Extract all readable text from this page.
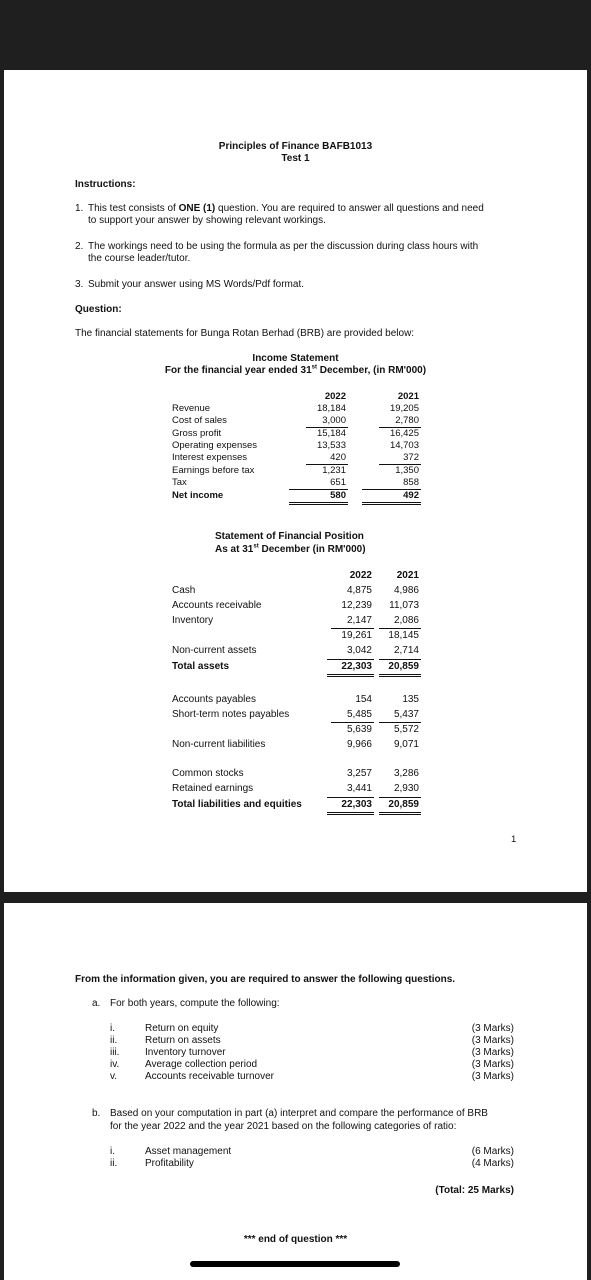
Principles of Finance BAFB1013
Test 1
Instructions:
1. This test consists of ONE (1) question. You are required to answer all questions and need
to support your answer by showing relevant workings.
2. The workings need to be using the formula as per the discussion during class hours with
the course leader/tutor.
3. Submit your answer using MS Words/Pdf format.
Question:
The financial statements for Bunga Rotan Berhad (BRB) are provided below:
Income Statement
For the financial year ended 31st December, (in RM'000)
2022	2021
Revenue	18,184	19,205
Cost of sales	3,000	2,780
Gross profit	15,184	16,425
Operating expenses	13,533	14,703
Interest expenses	420	372
Earnings before tax	1,231	1,350
Tax	651	858
Net income	580	492
Statement of Financial Position
As at 31st December (in RM'000)
2022	2021
Cash	4,875	4,986
Accounts receivable	12,239	11,073
Inventory	2,147	2,086
19,261	18,145
Non-current assets	3,042	2,714
Total assets	22,303	20,859
Accounts payables	154	135
Short-term notes payables	5,485	5,437
5,639	5,572
Non-current liabilities	9,966	9,071
Common stocks	3,257	3,286
Retained earnings	3,441	2,930
Total liabilities and equities	22,303	20,859
1
From the information given, you are required to answer the following questions.
a. For both years, compute the following:
i.	Return on equity	(3 Marks)
ii.	Return on assets	(3 Marks)
iii.	Inventory turnover	(3 Marks)
iv.	Average collection period	(3 Marks)
v.	Accounts receivable turnover	(3 Marks)
b. Based on your computation in part (a) interpret and compare the performance of BRB
for the year 2022 and the year 2021 based on the following categories of ratio:
i.	Asset management	(6 Marks)
ii.	Profitability	(4 Marks)
(Total: 25 Marks)
*** end of question ***
